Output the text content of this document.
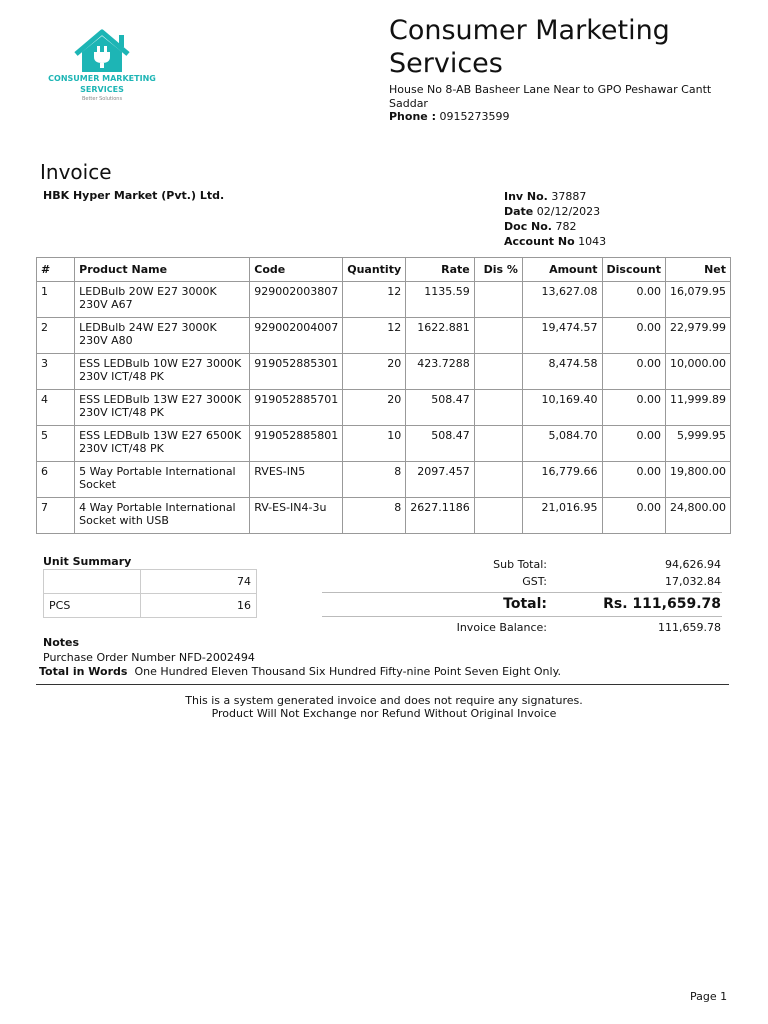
CONSUMER MARKETING
SERVICES
Better Solutions
Consumer Marketing Services
House No 8-AB Basheer Lane Near to GPO Peshawar Cantt Saddar
Phone : 0915273599
Invoice
HBK Hyper Market (Pvt.) Ltd.	Inv No. 37887
Date 02/12/2023
Doc No. 782
Account No 1043
#	Product Name	Code	Quantity	Rate	Dis %	Amount	Discount	Net
1	LEDBulb 20W E27 3000K 230V A67	929002003807	12	1135.59		13,627.08	0.00	16,079.95
2	LEDBulb 24W E27 3000K 230V A80	929002004007	12	1622.881		19,474.57	0.00	22,979.99
3	ESS LEDBulb 10W E27 3000K 230V ICT/48 PK	919052885301	20	423.7288		8,474.58	0.00	10,000.00
4	ESS LEDBulb 13W E27 3000K 230V ICT/48 PK	919052885701	20	508.47		10,169.40	0.00	11,999.89
5	ESS LEDBulb 13W E27 6500K 230V ICT/48 PK	919052885801	10	508.47		5,084.70	0.00	5,999.95
6	5 Way Portable International Socket	RVES-IN5	8	2097.457		16,779.66	0.00	19,800.00
7	4 Way Portable International Socket with USB	RV-ES-IN4-3u	8	2627.1186		21,016.95	0.00	24,800.00
Unit Summary
	74
PCS	16
Sub Total:	94,626.94
GST:	17,032.84
Total:	Rs. 111,659.78
Invoice Balance:	111,659.78
Notes
Purchase Order Number NFD-2002494
Total in Words One Hundred Eleven Thousand Six Hundred Fifty-nine Point Seven Eight Only.
This is a system generated invoice and does not require any signatures.
Product Will Not Exchange nor Refund Without Original Invoice
Page 1
